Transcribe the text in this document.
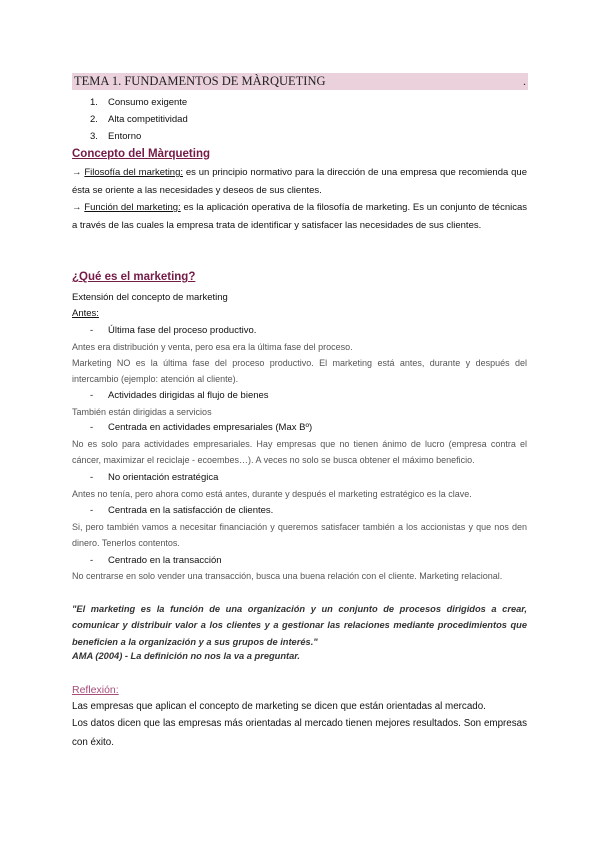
TEMA 1. FUNDAMENTOS DE MÀRQUETING	.
1. Consumo exigente
2. Alta competitividad
3. Entorno
Concepto del Màrqueting
→ Filosofía del marketing: es un principio normativo para la dirección de una empresa que recomienda que ésta se oriente a las necesidades y deseos de sus clientes.
→ Función del marketing: es la aplicación operativa de la filosofía de marketing. Es un conjunto de técnicas a través de las cuales la empresa trata de identificar y satisfacer las necesidades de sus clientes.
¿Qué es el marketing?
Extensión del concepto de marketing
Antes:
- Última fase del proceso productivo.
Antes era distribución y venta, pero esa era la última fase del proceso.
Marketing NO es la última fase del proceso productivo. El marketing está antes, durante y después del intercambio (ejemplo: atención al cliente).
- Actividades dirigidas al flujo de bienes
También están dirigidas a servicios
- Centrada en actividades empresariales (Max Bº)
No es solo para actividades empresariales. Hay empresas que no tienen ánimo de lucro (empresa contra el cáncer, maximizar el reciclaje - ecoembes…). A veces no solo se busca obtener el máximo beneficio.
- No orientación estratégica
Antes no tenía, pero ahora como está antes, durante y después el marketing estratégico es la clave.
- Centrada en la satisfacción de clientes.
Si, pero también vamos a necesitar financiación y queremos satisfacer también a los accionistas y que nos den dinero. Tenerlos contentos.
- Centrado en la transacción
No centrarse en solo vender una transacción, busca una buena relación con el cliente. Marketing relacional.
"El marketing es la función de una organización y un conjunto de procesos dirigidos a crear, comunicar y distribuir valor a los clientes y a gestionar las relaciones mediante procedimientos que beneficien a la organización y a sus grupos de interés."
AMA (2004) - La definición no nos la va a preguntar.
Reflexión:
Las empresas que aplican el concepto de marketing se dicen que están orientadas al mercado.
Los datos dicen que las empresas más orientadas al mercado tienen mejores resultados. Son empresas con éxito.
